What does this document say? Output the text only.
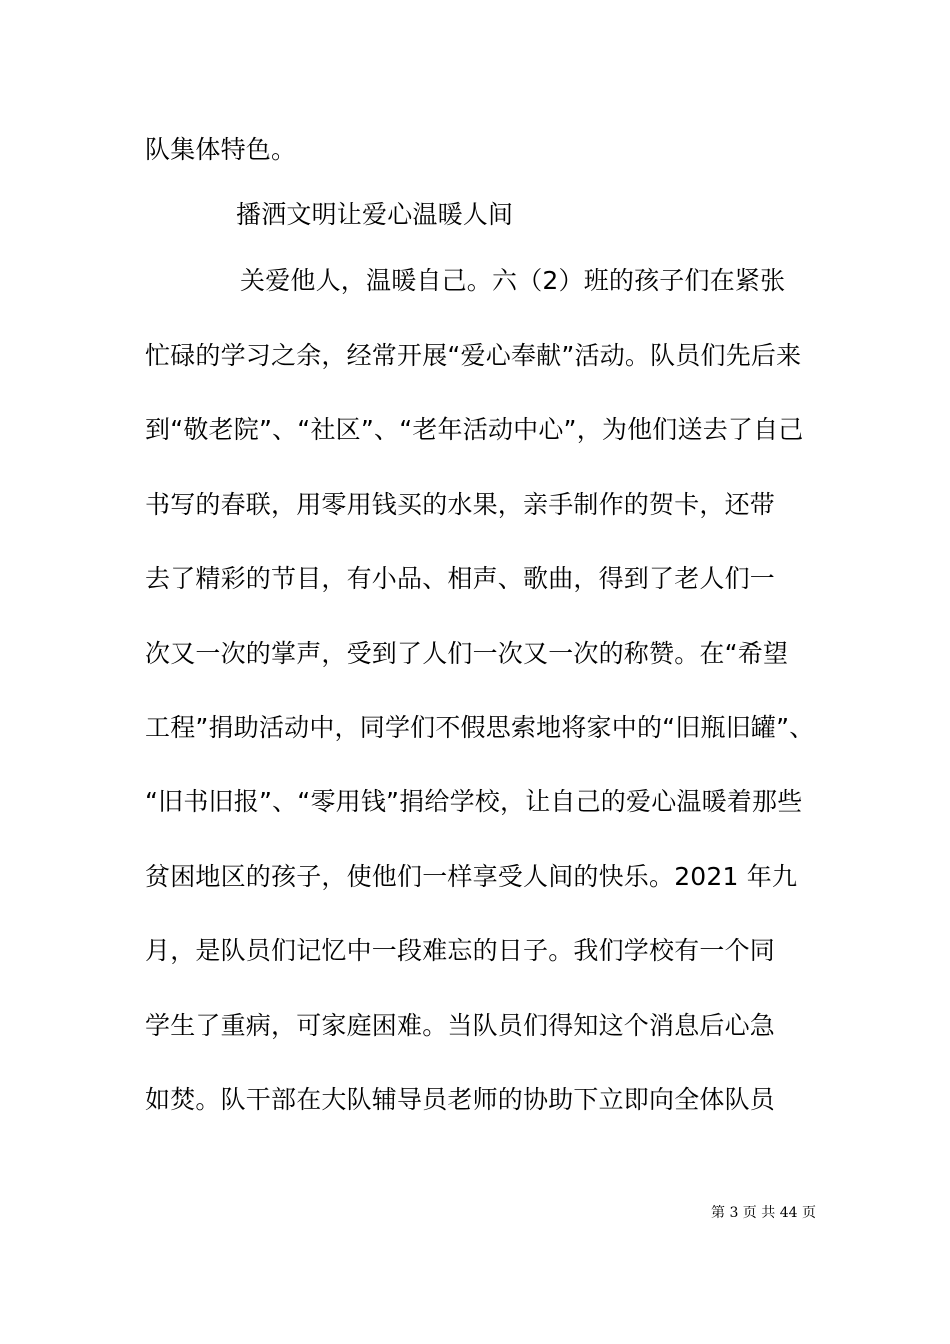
队集体特色。
播洒文明让爱心温暖人间
关爱他人，温暖自己。六（2）班的孩子们在紧张
忙碌的学习之余，经常开展“爱心奉献”活动。队员们先后来
到“敬老院”、“社区”、“老年活动中心”，为他们送去了自己
书写的春联，用零用钱买的水果，亲手制作的贺卡，还带
去了精彩的节目，有小品、相声、歌曲，得到了老人们一
次又一次的掌声，受到了人们一次又一次的称赞。在“希望
工程”捐助活动中，同学们不假思索地将家中的“旧瓶旧罐”、
“旧书旧报”、“零用钱”捐给学校，让自己的爱心温暖着那些
贫困地区的孩子，使他们一样享受人间的快乐。2021 年九
月，是队员们记忆中一段难忘的日子。我们学校有一个同
学生了重病，可家庭困难。当队员们得知这个消息后心急
如焚。队干部在大队辅导员老师的协助下立即向全体队员
第 3 页 共 44 页
